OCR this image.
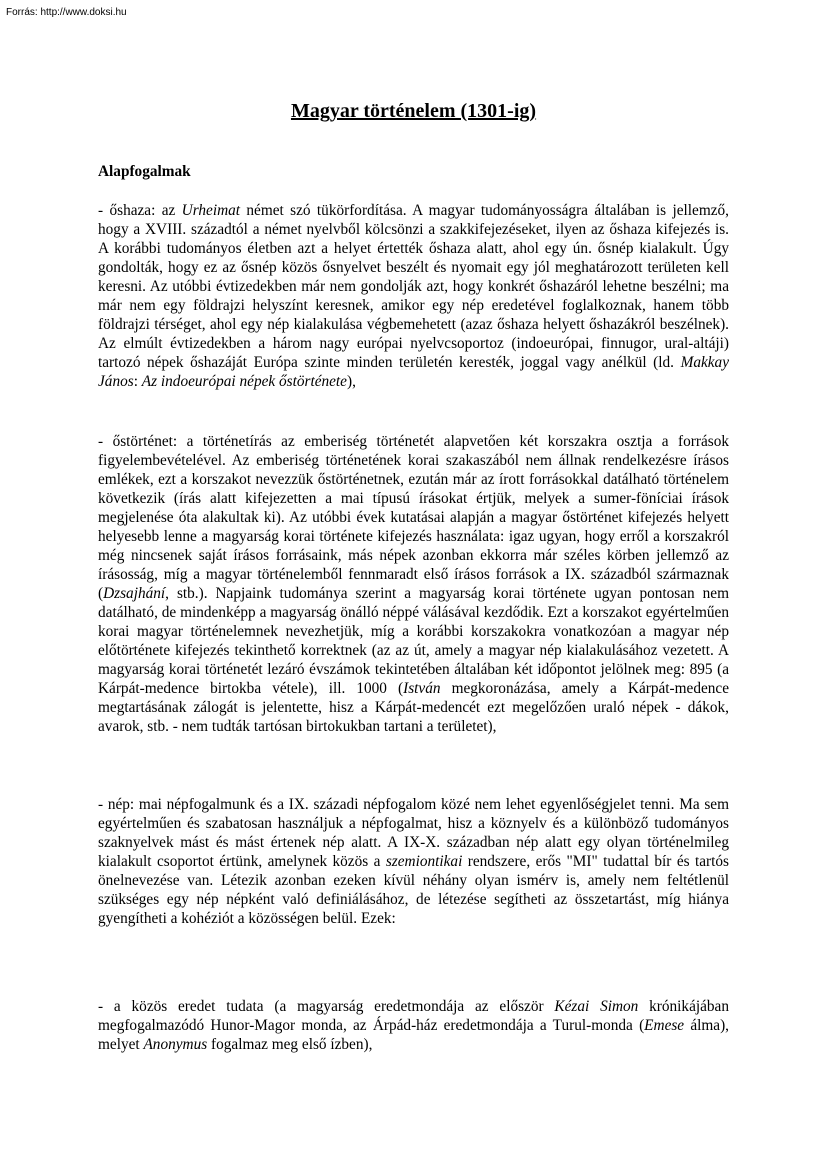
Forrás: http://www.doksi.hu
Magyar történelem (1301-ig)
Alapfogalmak

- őshaza: az Urheimat német szó tükörfordítása. A magyar tudományosságra általában is jellemző, hogy a XVIII. századtól a német nyelvből kölcsönzi a szakkifejezéseket, ilyen az őshaza kifejezés is. A korábbi tudományos életben azt a helyet értették őshaza alatt, ahol egy ún. ősnép kialakult. Úgy gondolták, hogy ez az ősnép közös ősnyelvet beszélt és nyomait egy jól meghatározott területen kell keresni. Az utóbbi évtizedekben már nem gondolják azt, hogy konkrét őshazáról lehetne beszélni; ma már nem egy földrajzi helyszínt keresnek, amikor egy nép eredetével foglalkoznak, hanem több földrajzi térséget, ahol egy nép kialakulása végbemehetett (azaz őshaza helyett őshazákról beszélnek). Az elmúlt évtizedekben a három nagy európai nyelvcsoportoz (indoeurópai, finnugor, ural-altáji) tartozó népek őshazáját Európa szinte minden területén keresték, joggal vagy anélkül (ld. Makkay János: Az indoeurópai népek őstörténete),

- őstörténet: a történetírás az emberiség történetét alapvetően két korszakra osztja a források figyelembevételével. Az emberiség történetének korai szakaszából nem állnak rendelkezésre írásos emlékek, ezt a korszakot nevezzük őstörténetnek, ezután már az írott forrásokkal datálható történelem következik (írás alatt kifejezetten a mai típusú írásokat értjük, melyek a sumer-föníciai írások megjelenése óta alakultak ki). Az utóbbi évek kutatásai alapján a magyar őstörténet kifejezés helyett helyesebb lenne a magyarság korai története kifejezés használata: igaz ugyan, hogy erről a korszakról még nincsenek saját írásos forrásaink, más népek azonban ekkorra már széles körben jellemző az írásosság, míg a magyar történelemből fennmaradt első írásos források a IX. századból származnak (Dzsajhání, stb.). Napjaink tudománya szerint a magyarság korai története ugyan pontosan nem datálható, de mindenképp a magyarság önálló néppé válásával kezdődik. Ezt a korszakot egyértelműen korai magyar történelemnek nevezhetjük, míg a korábbi korszakokra vonatkozóan a magyar nép előtörténete kifejezés tekinthető korrektnek (az az út, amely a magyar nép kialakulásához vezetett. A magyarság korai történetét lezáró évszámok tekintetében általában két időpontot jelölnek meg: 895 (a Kárpát-medence birtokba vétele), ill. 1000 (István megkoronázása, amely a Kárpát-medence megtartásának zálogát is jelentette, hisz a Kárpát-medencét ezt megelőzően uraló népek - dákok, avarok, stb. - nem tudták tartósan birtokukban tartani a területet),

- nép: mai népfogalmunk és a IX. századi népfogalom közé nem lehet egyenlőségjelet tenni. Ma sem egyértelműen és szabatosan használjuk a népfogalmat, hisz a köznyelv és a különböző tudományos szaknyelvek mást és mást értenek nép alatt. A IX-X. században nép alatt egy olyan történelmileg kialakult csoportot értünk, amelynek közös a szemiontikai rendszere, erős "MI" tudattal bír és tartós önelnevezése van. Létezik azonban ezeken kívül néhány olyan ismérv is, amely nem feltétlenül szükséges egy nép népként való definiálásához, de létezése segítheti az összetartást, míg hiánya gyengítheti a kohéziót a közösségen belül. Ezek:

- a közös eredet tudata (a magyarság eredetmondája az először Kézai Simon krónikájában megfogalmazódó Hunor-Magor monda, az Árpád-ház eredetmondája a Turul-monda (Emese álma), melyet Anonymus fogalmaz meg első ízben),
